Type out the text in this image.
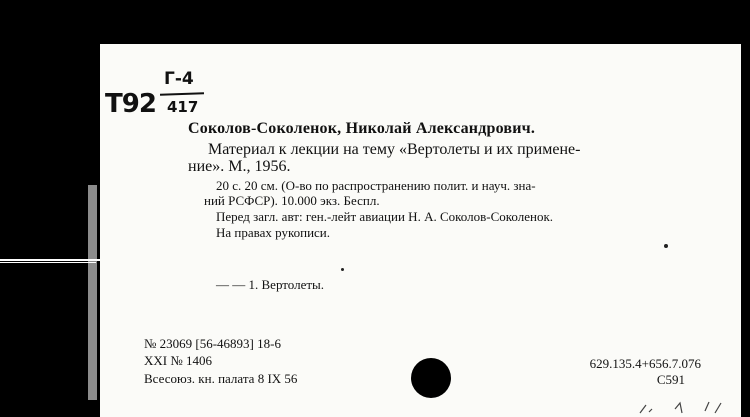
Т92
Г-4
417
Соколов-Соколенок, Николай Александрович.
Материал к лекции на тему «Вертолеты и их примене-
ние». М., 1956.
20 с. 20 см. (О-во по распространению полит. и науч. зна-
ний РСФСР). 10.000 экз. Беспл.
Перед загл. авт: ген.-лейт авиации Н. А. Соколов-Соколенок.
На правах рукописи.
— — 1. Вертолеты.
№ 23069 [56-46893] 18-6
XXI № 1406
Всесоюз. кн. палата 8 IX 56
629.135.4+656.7.076
С591
